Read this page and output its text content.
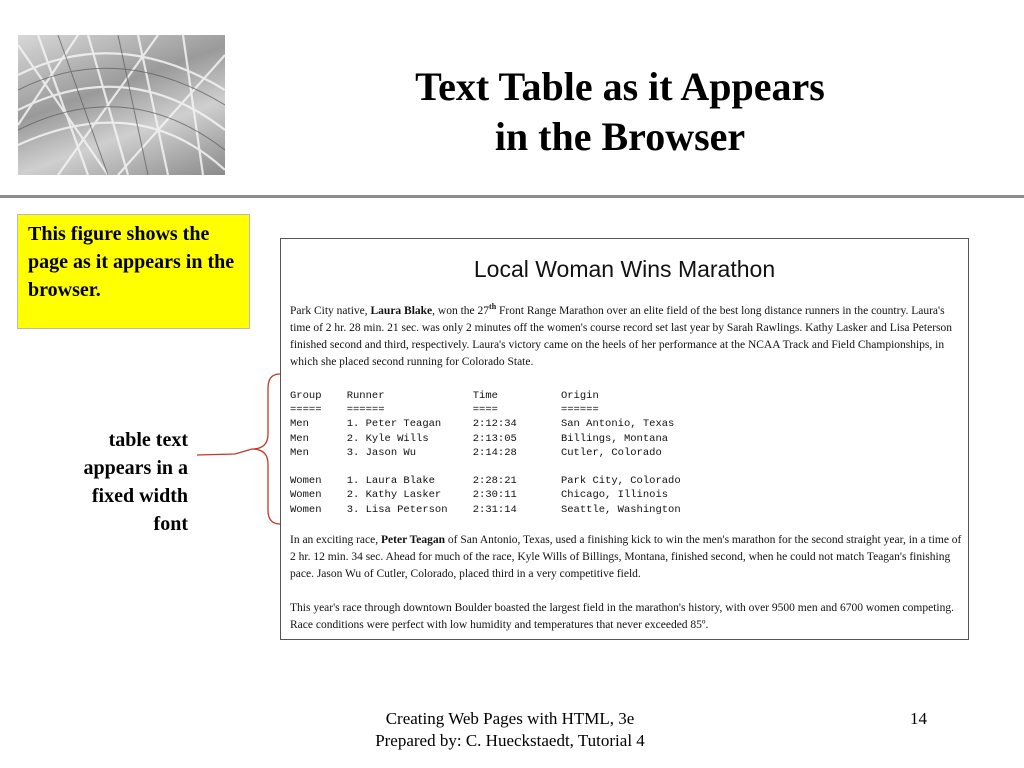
Text Table as it Appears
in the Browser
This figure shows the page as it appears in the browser.
table text
appears in a
fixed width
font
Local Woman Wins Marathon
Park City native, Laura Blake, won the 27th Front Range Marathon over an elite field of the best long distance runners in the country. Laura's time of 2 hr. 28 min. 21 sec. was only 2 minutes off the women's course record set last year by Sarah Rawlings. Kathy Lasker and Lisa Peterson finished second and third, respectively. Laura's victory came on the heels of her performance at the NCAA Track and Field Championships, in which she placed second running for Colorado State.
Group    Runner              Time          Origin
=====    ======              ====          ======
Men      1. Peter Teagan     2:12:34       San Antonio, Texas
Men      2. Kyle Wills       2:13:05       Billings, Montana
Men      3. Jason Wu         2:14:28       Cutler, Colorado

Women    1. Laura Blake      2:28:21       Park City, Colorado
Women    2. Kathy Lasker     2:30:11       Chicago, Illinois
Women    3. Lisa Peterson    2:31:14       Seattle, Washington
In an exciting race, Peter Teagan of San Antonio, Texas, used a finishing kick to win the men's marathon for the second straight year, in a time of 2 hr. 12 min. 34 sec. Ahead for much of the race, Kyle Wills of Billings, Montana, finished second, when he could not match Teagan's finishing pace. Jason Wu of Cutler, Colorado, placed third in a very competitive field.
This year's race through downtown Boulder boasted the largest field in the marathon's history, with over 9500 men and 6700 women competing. Race conditions were perfect with low humidity and temperatures that never exceeded 85º.
Creating Web Pages with HTML, 3e
Prepared by: C. Hueckstaedt, Tutorial 4
14
